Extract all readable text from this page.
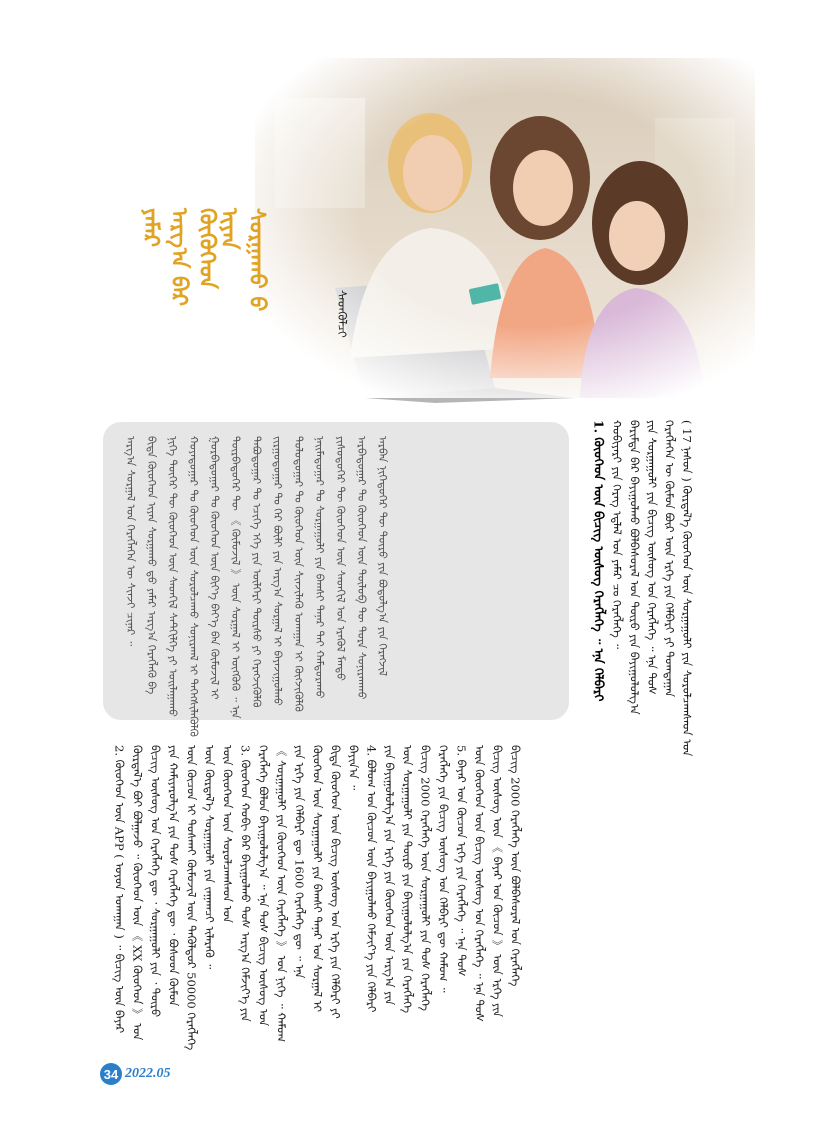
ᠶᠠᠮᠠᠷ ᠠᠷᠭ᠎ᠠ ᠪᠠᠷ ᠬᠥᠭᠦᠬᠡᠳ ᠢᠶᠡᠨ ᠰᠤᠷᠭᠠᠬᠤ ᠪ
ᠰᠡᠳᠬᠦᠯᠴᠢ
ᠠᠷᠭ᠎ᠠ ᠰᠤᠷᠭᠠᠯ ᠤᠨ ᠬᠡᠷᠡᠭᠯᠡᠭᠡᠨ ᠦ ᠰᠢᠨᠵᠢ ᠴᠢᠨᠠᠷ ᠃ ᠪᠢᠳᠡ ᠬᠦᠦᠬᠡᠳ ᠢᠶᠡᠨ ᠰᠤᠷᠭᠠᠬᠤ ᠳ᠋ᠤ ᠶᠠᠮᠠᠷ ᠠᠷᠭ᠎ᠠ ᠬᠡᠷᠡᠭᠯᠡᠬᠦ ᠪᠡ ᠨᠢᠭᠡ ᠳᠦᠭᠡᠷ ᠲᠦ ᠬᠦᠦᠬᠡᠳ ᠦᠨ ᠰᠡᠳᠬᠢᠯ ᠰᠡᠲᠭᠢᠯᠭᠡ ᠶᠢ ᠣᠢᠯᠠᠭᠠᠬᠤ ᠬᠣᠶᠠᠳᠤᠭᠠᠷ ᠲᠤ ᠬᠦᠦᠬᠡᠳ ᠦᠨ ᠰᠤᠷᠤᠯᠴᠠᠬᠤ ᠰᠣᠨᠢᠷᠬᠠᠯ ᠢ ᠳᠡᠭᠡᠭᠰᠢᠯᠡᠭᠦᠯᠬᠦ ᠭᠤᠷᠪᠠᠳᠤᠭᠠᠷ ᠲᠤ ᠬᠦᠦᠬᠡᠳ ᠦᠨ ᠪᠢᠶ᠎ᠡ ᠪᠡᠶ᠎ᠡ ᠪᠡᠨ ᠬᠦᠮᠦᠵᠢᠯ ᠢ ᠳᠥᠷᠪᠡᠳᠦᠭᠡᠷ ᠲᠦ 《 ᠬᠦᠮᠦᠵᠢᠯ 》 ᠦᠨ ᠰᠤᠷᠭᠠᠯ ᠢ ᠥᠭᠭᠦᠬᠦ ᠃ ᠡᠨᠡ ᠲᠠᠪᠤᠳᠤᠭᠠᠷ ᠲᠤ ᠡᠴᠢᠭᠡ ᠡᠬᠡ ᠶᠢᠨ ᠦᠯᠭᠡᠷᠢ ᠳᠦᠷᠰᠦ ᠶᠢ ᠬᠡᠷᠡᠭᠵᠢᠭᠦᠯᠬᠦ ᠵᠢᠷᠭᠤᠳᠤᠭᠠᠷ ᠲᠤ ᠭᠡᠷ ᠪᠦᠯᠢ ᠶᠢᠨ ᠠᠷᠭ᠎ᠠ ᠰᠤᠷᠭᠠᠯ ᠢ ᠪᠠᠶᠠᠵᠢᠭᠤᠯᠬᠤ ᠳᠣᠯᠤᠳᠤᠭᠠᠷ ᠲᠤ ᠬᠦᠦᠬᠡᠳ ᠦᠨ ᠰᠢᠨᠵᠢᠯᠡᠬᠦ ᠤᠬᠠᠭᠠᠨ ᠢ ᠬᠥᠭᠵᠢᠭᠦᠯᠬᠦ ᠨᠠᠢᠮᠠᠳᠤᠭᠠᠷ ᠲᠤ ᠰᠤᠷᠭᠠᠭᠤᠯᠢ ᠶᠢᠨ ᠪᠠᠭᠰᠢ ᠲᠠᠨᠠᠷ ᠲᠠᠢ ᠬᠠᠮᠲᠤᠷᠠᠬᠤ ᠶᠢᠰᠦᠳᠦᠭᠡᠷ ᠲᠦ ᠬᠦᠦᠬᠡᠳ ᠦᠨ ᠰᠡᠳᠬᠢᠯ ᠤᠨ ᠡᠷᠡᠭᠦᠯ ᠮᠡᠨᠳᠦ ᠠᠷᠪᠠᠳᠤᠭᠠᠷ ᠲᠤ ᠬᠦᠦᠬᠡᠳ ᠦᠨ ᠲᠥᠯᠦᠪ ᠲᠦ ᠳᠤᠷᠠ ᠰᠣᠨᠢᠷᠬᠠᠬᠤ ᠠᠷᠪᠠᠨ ᠨᠢᠭᠡᠳᠦᠭᠡᠷ ᠲᠦ ᠲᠥᠷᠥ ᠶᠢᠨ ᠪᠣᠳᠤᠯᠭ᠎ᠠ ᠶᠢᠨ ᠬᠡᠷᠡᠭᠵᠢᠯ	1. ᠬᠦᠦᠬᠡᠳ ᠦᠨ ᠪᠢᠴᠢᠭ ᠦᠰᠦᠭ ᠬᠡᠷᠡᠭᠯᠡᠭᠡ ᠃ ᠡᠨᠡ ᠬᠡᠯᠪᠡᠷᠢ ᠬᠤᠪᠢᠶᠠᠷᠢ ᠶᠢᠨ ᠬᠡᠷᠡᠭ ᠡᠳ᠋ᠯᠡᠯ ᠤᠨ ᠶᠠᠮᠠᠷ ᠴᠤ ᠬᠡᠷᠡᠭᠯᠡᠭᠡ ᠃ ᠪᠠᠷᠢᠮᠲᠠ ᠪᠠᠷ ᠪᠠᠶᠢᠭᠤᠯᠬᠤ ᠪᠣᠯᠪᠠᠰᠤᠷᠠᠯ ᠤᠨ ᠲᠥᠷᠥ ᠶᠢᠨ ᠪᠠᠶᠢᠭᠤᠯᠤᠯᠭ᠎ᠠ ᠶᠢᠨ ᠰᠤᠷᠭᠠᠭᠤᠯᠢ ᠶᠢᠨ ᠪᠢᠴᠢᠭ ᠦᠰᠦᠭ ᠤᠨ ᠬᠡᠷᠡᠭᠯᠡᠭᠡ ᠃ ᠡᠨᠡ ᠲᠤᠰ ᠬᠡᠷᠡᠭᠯᠡᠭᠡᠨ ᠦ ᠬᠦᠮᠦᠨ ᠪᠦᠷ ᠦᠨ ᠡᠷᠬᠡ ᠶᠢᠨ ᠬᠡᠯᠪᠡᠷᠢ ᠶᠢ ᠲᠣᠭᠲᠠᠭᠠᠨ ( 17 ᠨᠠᠰᠤᠨ ) ᠬᠦᠷᠲᠡᠯ᠎ᠡ ᠬᠦᠦᠬᠡᠳ ᠦᠨ ᠰᠤᠷᠭᠠᠭᠤᠯᠢ ᠶᠢᠨ ᠰᠤᠷᠤᠯᠴᠠᠭᠰᠠᠳ ᠤᠨ
2. ᠬᠦᠦᠬᠡᠳ ᠦᠨ APP ( ᠣᠶᠤᠨ ᠤᠬᠠᠭᠠᠨ ) ᠃ ᠪᠢᠴᠢᠭ ᠦᠨ ᠪᠠᠶᠠᠷ ᠬᠦᠷᠲᠡᠯ᠎ᠡ ᠪᠤᠶ ᠪᠣᠯᠭᠠᠵᠤ ᠃ ᠬᠦᠦᠬᠡᠳ ᠦᠨ 《 XX ᠬᠦᠦᠬᠡᠳ 》 ᠤᠨ ᠪᠢᠴᠢᠭ ᠦᠰᠦᠭ ᠤᠨ ᠬᠡᠷᠡᠭᠯᠡᠭᠡ ᠳᠦ ᠂ ᠰᠤᠷᠭᠠᠭᠤᠯᠢ ᠶᠢᠨ ᠂ ᠲᠥᠷᠥ ᠶᠢᠨ ᠬᠠᠮᠢᠶᠠᠷᠤᠯᠭ᠎ᠠ ᠶᠢᠨ ᠲᠤᠰ ᠬᠡᠷᠡᠭᠯᠡᠭᠡ ᠳᠦ ᠂ ᠪᠤᠰᠤᠳ ᠬᠦᠮᠦᠨ ᠦᠨ ᠬᠦᠴᠦᠨ ᠢ ᠲᠤᠰᠬᠠᠢ ᠬᠦᠮᠦᠵᠢᠯ ᠦᠨ ᠲᠡᠭᠦᠯᠳᠦᠷ 50000 ᠬᠡᠷᠡᠭᠯᠡᠭᠡ ᠦᠨ ᠬᠦᠷᠲᠡᠯ᠎ᠡ ᠰᠤᠷᠭᠠᠭᠤᠯᠢ ᠶᠢᠨ ᠵᠠᠭᠠᠭᠴᠢ ᠢᠯᠡᠷᠡᠬᠦ ᠃ ᠦᠨ ᠬᠦᠦᠬᠡᠳ ᠦᠨ ᠰᠤᠷᠤᠯᠴᠠᠭᠰᠠᠳ ᠤᠨ 3. ᠬᠦᠦᠬᠡᠳ ᠬᠤᠪᠢ ᠪᠡᠷ ᠪᠠᠶᠢᠭᠤᠯᠬᠤ ᠲᠤᠰ ᠠᠷᠭ᠎ᠠ ᠬᠡᠮᠵᠢᠶ᠎ᠡ ᠶᠢᠨ ᠬᠡᠷᠡᠭᠯᠡᠭᠡ ᠪᠣᠯᠤᠨ ᠪᠠᠶᠢᠭᠤᠯᠤᠯᠭ᠎ᠠ ᠃ ᠡᠨᠡ ᠲᠤᠰ ᠪᠢᠴᠢᠭ ᠦᠰᠦᠭ ᠤᠨ 《 ᠰᠤᠷᠭᠠᠭᠤᠯᠢ ᠶᠢᠨ ᠬᠦᠦᠬᠡᠳ ᠦᠨ ᠬᠡᠷᠡᠭᠯᠡᠭᠡ 》 ᠤᠨ ᠨᠢᠭᠡ ᠃ ᠬᠠᠮᠤᠭ ᠶᠢᠨ ᠡᠷᠬᠡ ᠶᠢᠨ ᠬᠡᠯᠪᠡᠷᠢ ᠳᠦ 1600 ᠬᠡᠷᠡᠭᠯᠡᠭᠡ ᠳᠦ ᠃ ᠡᠨᠡ ᠬᠦᠦᠬᠡᠳ ᠦᠨ ᠰᠤᠷᠭᠠᠭᠤᠯᠢ ᠶᠢᠨ ᠪᠠᠭᠰᠢ ᠲᠠᠨᠠᠷ ᠤᠨ ᠰᠤᠷᠭᠠᠯ ᠢ ᠪᠢᠳᠡ ᠬᠦᠦᠬᠡᠳ ᠦᠨ ᠪᠢᠴᠢᠭ ᠦᠰᠦᠭ ᠤᠨ ᠡᠷᠬᠡ ᠶᠢᠨ ᠬᠡᠯᠪᠡᠷᠢ ᠶᠢ ᠪᠠᠶᠢᠨ᠎ᠠ ᠃ 4. ᠪᠤᠯᠤᠭ ᠤᠨ ᠬᠦᠴᠦᠨ ᠦᠨ ᠪᠠᠶᠢᠭᠤᠯᠬᠤ ᠬᠡᠮᠵᠢᠶ᠎ᠡ ᠶᠢᠨ ᠬᠡᠯᠪᠡᠷᠢ ᠶᠢᠨ ᠪᠠᠶᠢᠭᠤᠯᠤᠯᠭ᠎ᠠ ᠶᠢᠨ ᠡᠷᠬᠡ ᠶᠢᠨ ᠬᠦᠦᠬᠡᠳ ᠦᠨ ᠠᠷᠭ᠎ᠠ ᠶᠢᠨ ᠦᠨ ᠰᠤᠷᠭᠠᠭᠤᠯᠢ ᠶᠢᠨ ᠲᠥᠷᠥ ᠶᠢᠨ ᠪᠠᠶᠢᠭᠤᠯᠤᠯᠭ᠎ᠠ ᠶᠢᠨ ᠬᠡᠷᠡᠭᠯᠡᠭᠡ ᠪᠢᠴᠢᠭ 2000 ᠬᠡᠷᠡᠭᠯᠡᠭᠡ ᠦᠨ ᠰᠤᠷᠭᠠᠭᠤᠯᠢ ᠶᠢᠨ ᠲᠤᠰ ᠬᠡᠷᠡᠭᠯᠡᠭᠡ ᠬᠡᠷᠡᠭᠯᠡᠭᠡ ᠶᠢᠨ ᠪᠢᠴᠢᠭ ᠦᠰᠦᠭ ᠤᠨ ᠬᠡᠯᠪᠡᠷᠢ ᠳᠦ ᠬᠠᠮᠤᠭ ᠃ 5. ᠪᠠᠶᠠᠷ ᠤᠨ ᠬᠦᠴᠦᠨ ᠡᠷᠬᠡ ᠶᠢᠨ ᠬᠡᠷᠡᠭᠯᠡᠭᠡ ᠃ ᠡᠨᠡ ᠲᠤᠰ ᠦᠨ ᠬᠦᠦᠬᠡᠳ ᠦᠨ ᠪᠢᠴᠢᠭ ᠦᠰᠦᠭ ᠤᠨ ᠬᠡᠷᠡᠭᠯᠡᠭᠡ ᠃ ᠡᠨᠡ ᠲᠤᠰ ᠪᠢᠴᠢᠭ ᠦᠰᠦᠭ ᠦᠨ 《 ᠪᠠᠶᠠᠷ ᠤᠨ ᠬᠦᠴᠦᠨ 》 ᠦᠨ ᠡᠷᠬᠡ ᠶᠢᠨ ᠪᠢᠴᠢᠭ 2000 ᠬᠡᠷᠡᠭᠯᠡᠭᠡ ᠦᠨ ᠪᠣᠯᠪᠠᠰᠤᠷᠠᠯ ᠤᠨ ᠬᠡᠷᠡᠭᠯᠡᠭᠡ
34 2022.05
